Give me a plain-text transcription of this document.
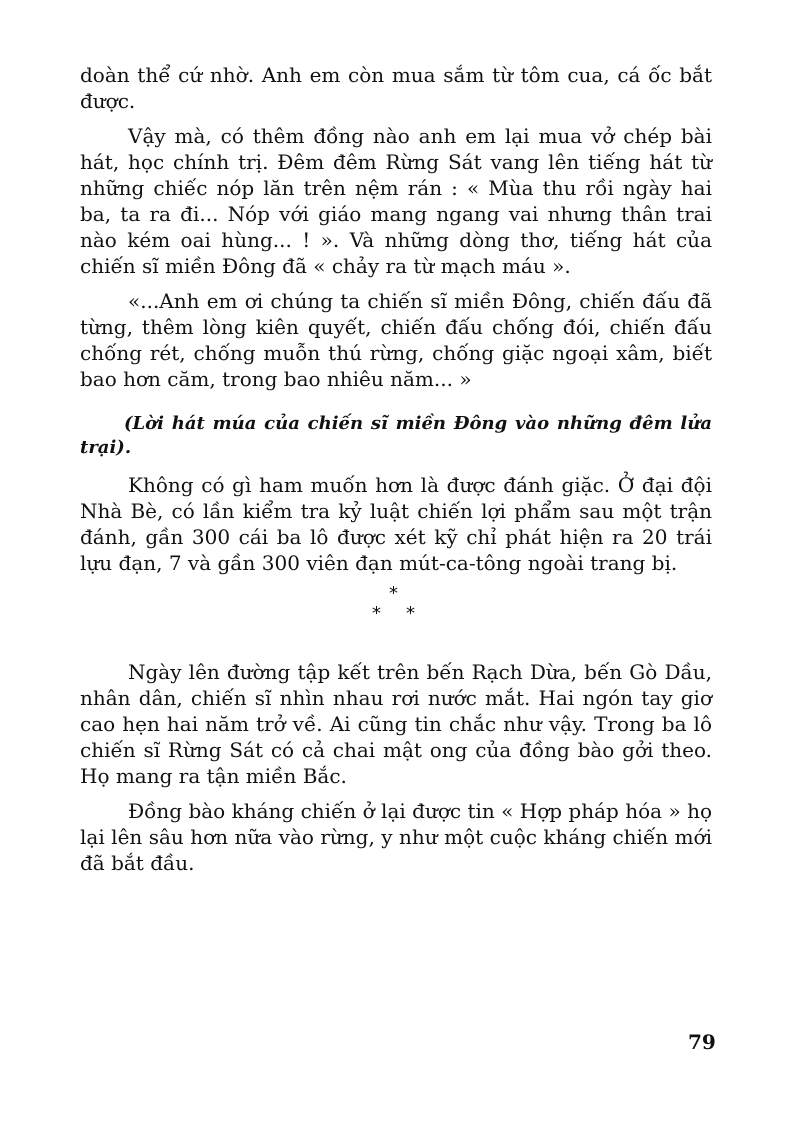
doàn thể cứ nhờ. Anh em còn mua sắm từ tôm cua, cá ốc bắt được.

Vậy mà, có thêm đồng nào anh em lại mua vở chép bài hát, học chính trị. Đêm đêm Rừng Sát vang lên tiếng hát từ những chiếc nóp lăn trên nệm rán : « Mùa thu rồi ngày hai ba, ta ra đi... Nóp với giáo mang ngang vai nhưng thân trai nào kém oai hùng... ! ». Và những dòng thơ, tiếng hát của chiến sĩ miền Đông đã « chảy ra từ mạch máu ».

«...Anh em ơi chúng ta chiến sĩ miền Đông, chiến đấu đã từng, thêm lòng kiên quyết, chiến đấu chống đói, chiến đấu chống rét, chống muỗn thú rừng, chống giặc ngoại xâm, biết bao hơn căm, trong bao nhiêu năm... »

(Lời hát múa của chiến sĩ miền Đông vào những đêm lửa trại).

Không có gì ham muốn hơn là được đánh giặc. Ở đại đội Nhà Bè, có lần kiểm tra kỷ luật chiến lợi phẩm sau một trận đánh, gần 300 cái ba lô được xét kỹ chỉ phát hiện ra 20 trái lựu đạn, 7 và gần 300 viên đạn mút-ca-tông ngoài trang bị.

*
* *

Ngày lên đường tập kết trên bến Rạch Dừa, bến Gò Dầu, nhân dân, chiến sĩ nhìn nhau rơi nước mắt. Hai ngón tay giơ cao hẹn hai năm trở về. Ai cũng tin chắc như vậy. Trong ba lô chiến sĩ Rừng Sát có cả chai mật ong của đồng bào gởi theo. Họ mang ra tận miền Bắc.

Đồng bào kháng chiến ở lại được tin « Hợp pháp hóa » họ lại lên sâu hơn nữa vào rừng, y như một cuộc kháng chiến mới đã bắt đầu.

79
